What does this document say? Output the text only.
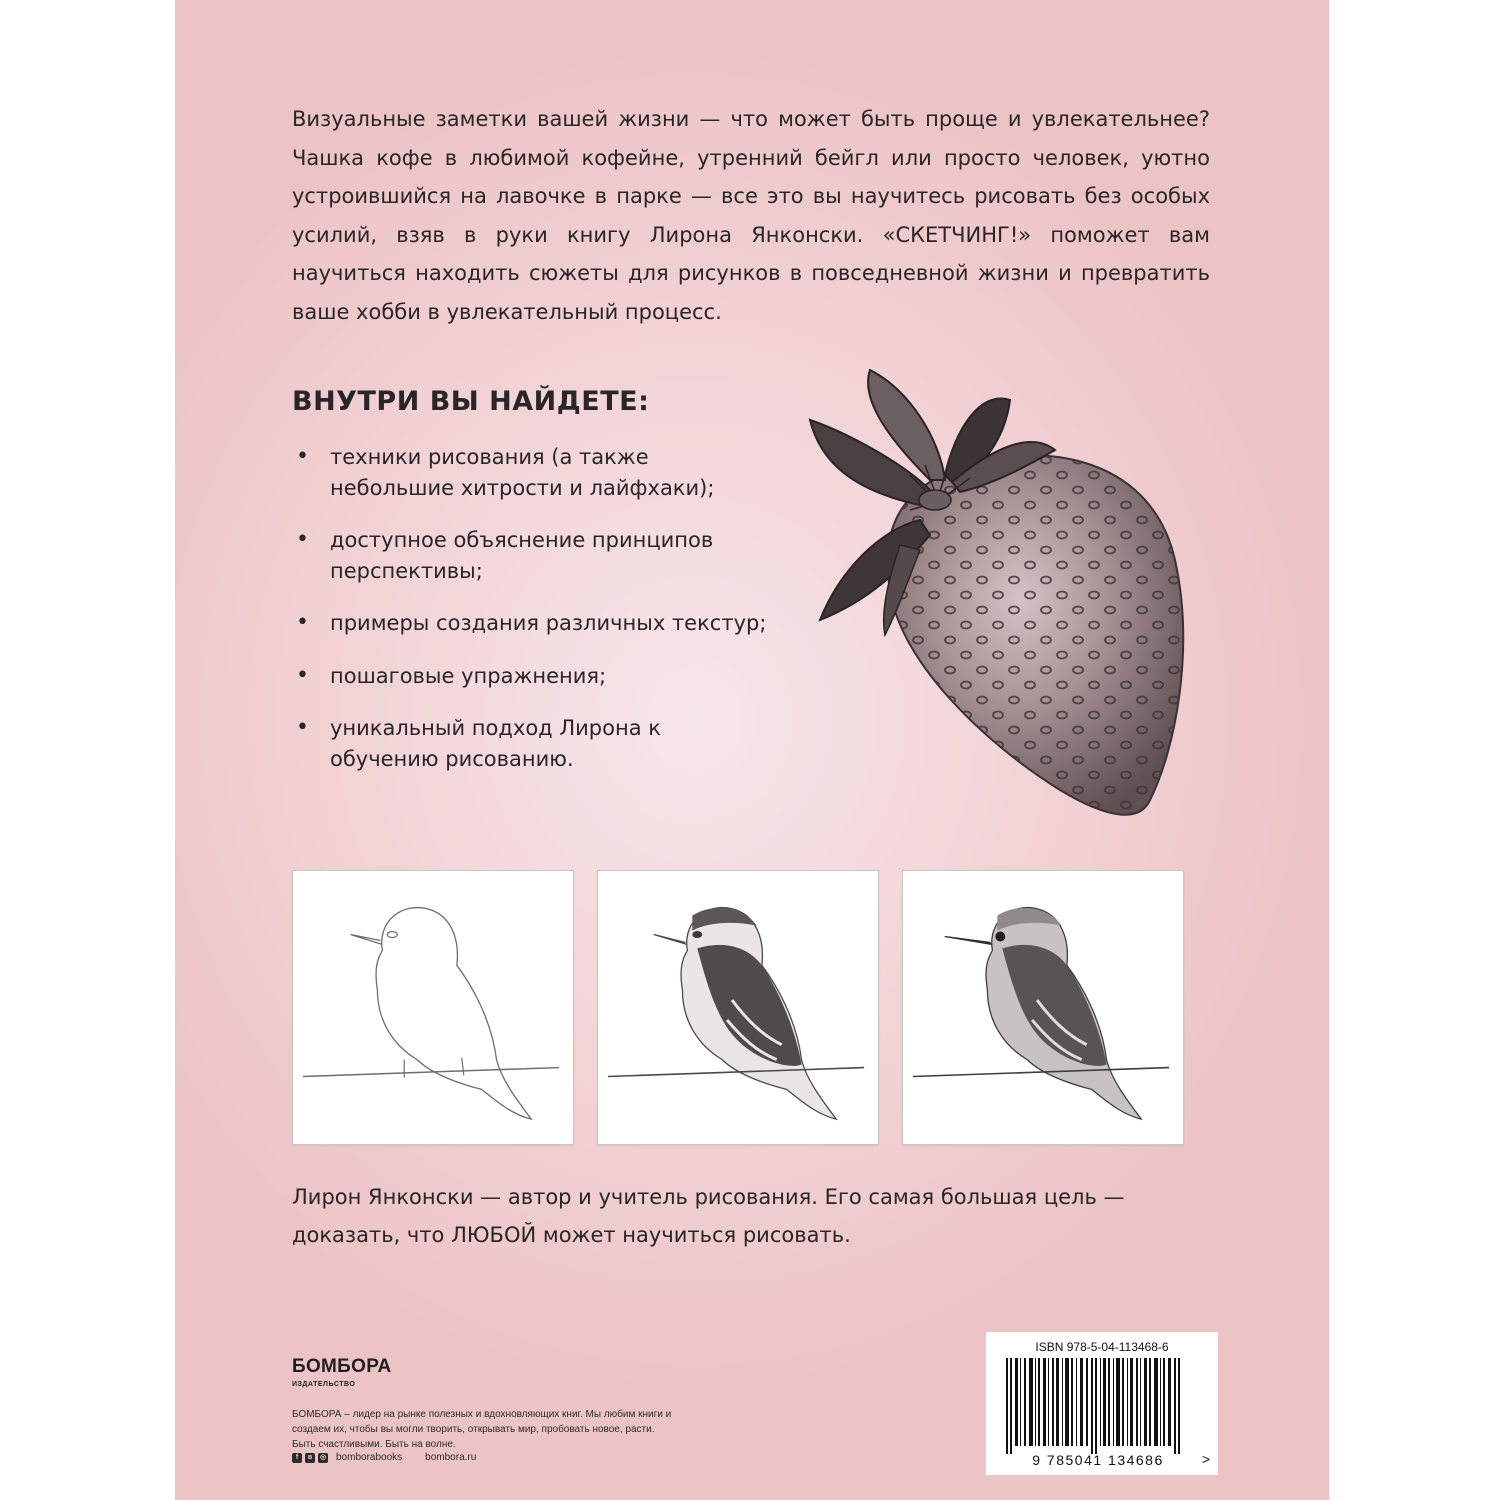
Визуальные заметки вашей жизни — что может быть проще и увлекательнее? Чашка кофе в любимой кофейне, утренний бейгл или просто человек, уютно устроившийся на лавочке в парке — все это вы научитесь рисовать без особых усилий, взяв в руки книгу Лирона Янконски. «СКЕТЧИНГ!» поможет вам научиться находить сюжеты для рисунков в повседневной жизни и превратить ваше хобби в увлекательный процесс.

ВНУТРИ ВЫ НАЙДЕТЕ:
• техники рисования (а также небольшие хитрости и лайфхаки);
• доступное объяснение принципов перспективы;
• примеры создания различных текстур;
• пошаговые упражнения;
• уникальный подход Лирона к обучению рисованию.

Лирон Янконски — автор и учитель рисования. Его самая большая цель — доказать, что ЛЮБОЙ может научиться рисовать.

БОМБОРА
ИЗДАТЕЛЬСТВО

БОМБОРА – лидер на рынке полезных и вдохновляющих книг. Мы любим книги и создаем их, чтобы вы могли творить, открывать мир, пробовать новое, расти. Быть счастливыми. Быть на волне.

f	в	◎ bomborabooks bombora.ru
ISBN 978-5-04-113468-6
9 785041 134686	>
